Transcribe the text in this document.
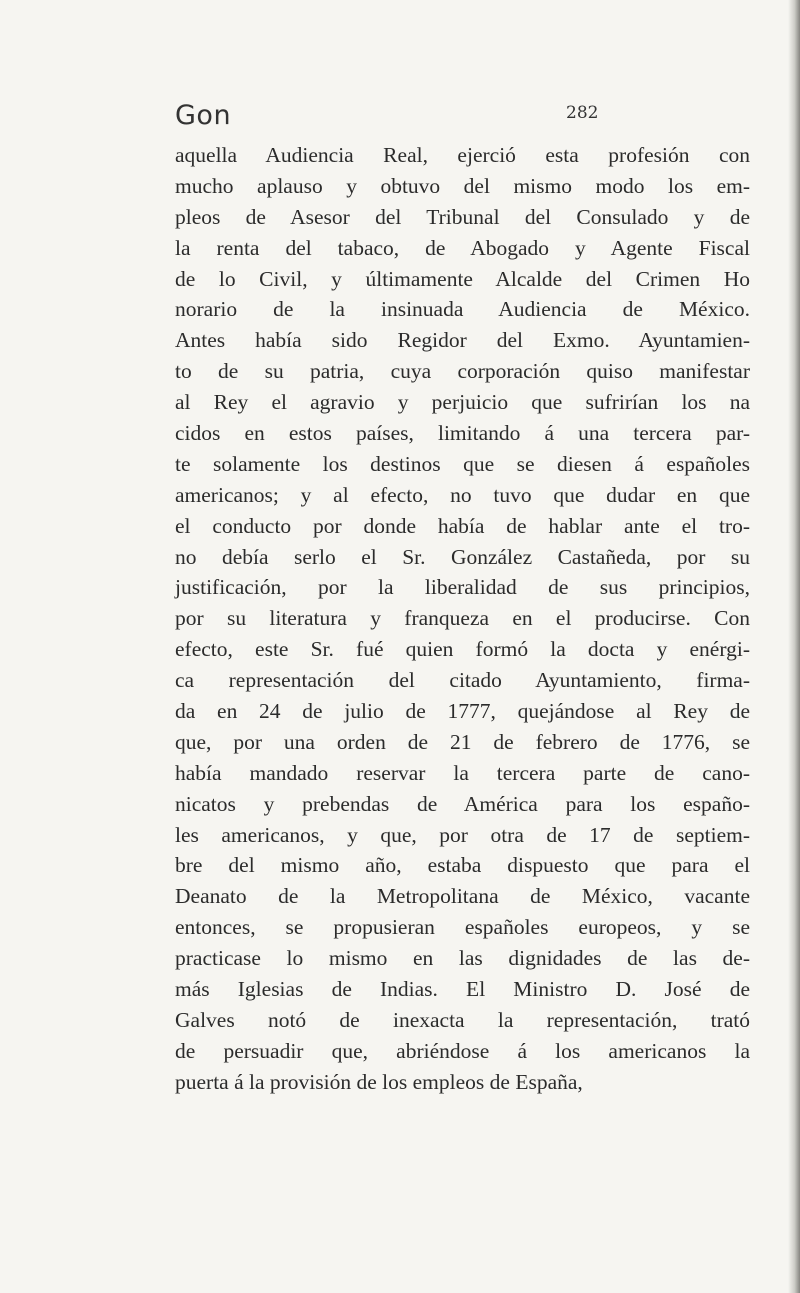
Gon	282
aquella Audiencia Real, ejerció esta profesión con
mucho aplauso y obtuvo del mismo modo los em-
pleos de Asesor del Tribunal del Consulado y de
la renta del tabaco, de Abogado y Agente Fiscal
de lo Civil, y últimamente Alcalde del Crimen Ho
norario de la insinuada Audiencia de México.
Antes había sido Regidor del Exmo. Ayuntamien-
to de su patria, cuya corporación quiso manifestar
al Rey el agravio y perjuicio que sufrirían los na
cidos en estos países, limitando á una tercera par-
te solamente los destinos que se diesen á españoles
americanos; y al efecto, no tuvo que dudar en que
el conducto por donde había de hablar ante el tro-
no debía serlo el Sr. González Castañeda, por su
justificación, por la liberalidad de sus principios,
por su literatura y franqueza en el producirse. Con
efecto, este Sr. fué quien formó la docta y enérgi-
ca representación del citado Ayuntamiento, firma-
da en 24 de julio de 1777, quejándose al Rey de
que, por una orden de 21 de febrero de 1776, se
había mandado reservar la tercera parte de cano-
nicatos y prebendas de América para los españo-
les americanos, y que, por otra de 17 de septiem-
bre del mismo año, estaba dispuesto que para el
Deanato de la Metropolitana de México, vacante
entonces, se propusieran españoles europeos, y se
practicase lo mismo en las dignidades de las de-
más Iglesias de Indias. El Ministro D. José de
Galves notó de inexacta la representación, trató
de persuadir que, abriéndose á los americanos la
puerta á la provisión de los empleos de España,
